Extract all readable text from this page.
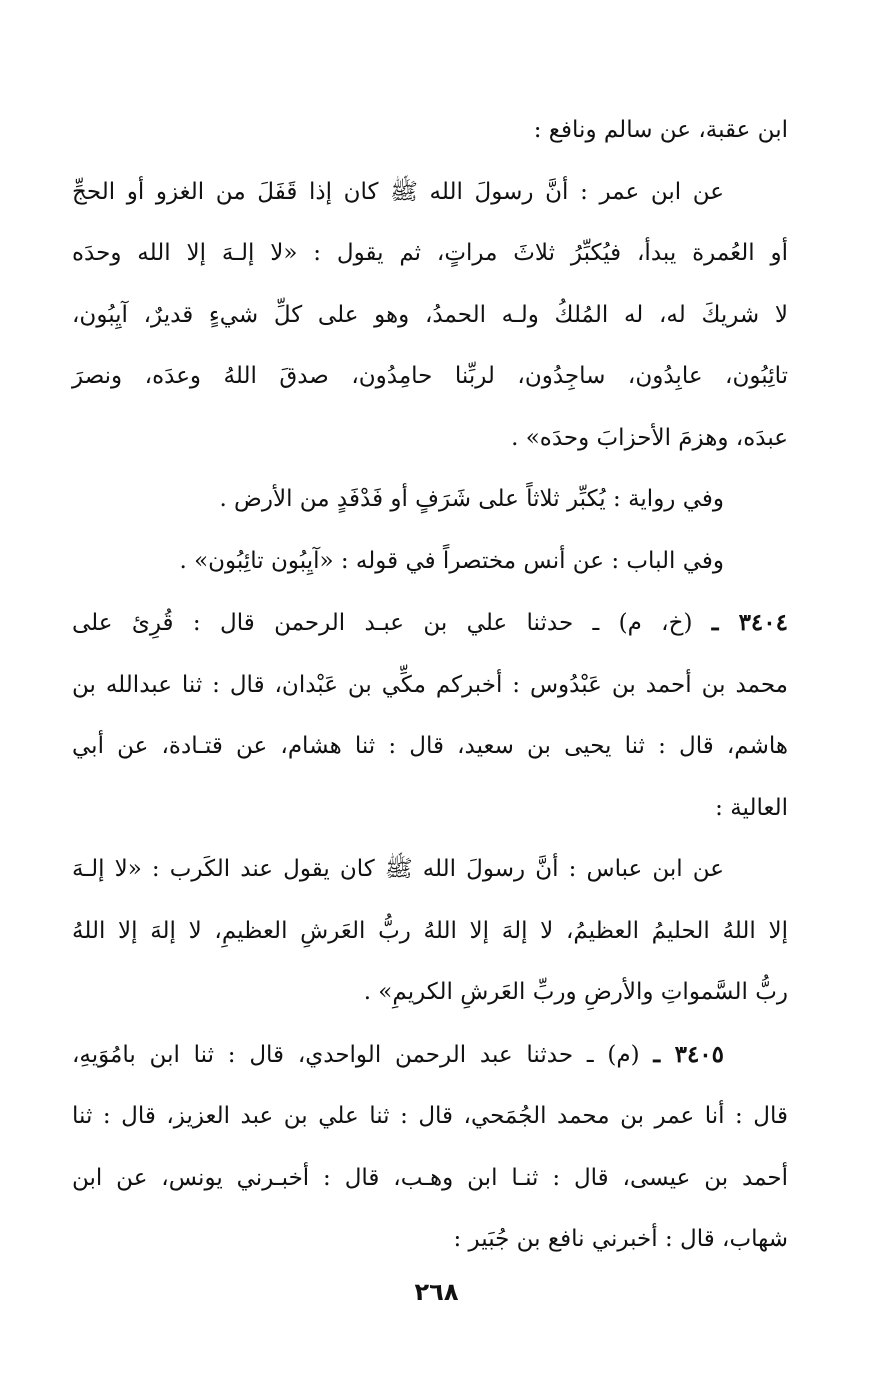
ابن عقبة، عن سالم ونافع :

عن ابن عمر : أنَّ رسولَ الله ﷺ كان إذا قَفَلَ من الغزو أو الحجِّ
أو العُمرة يبدأ، فيُكبِّرُ ثلاثَ مراتٍ، ثم يقول : «لا إلـهَ إلا الله وحدَه
لا شريكَ له، له المُلكُ ولـه الحمدُ، وهو على كلِّ شيءٍ قديرٌ، آيِبُون،
تائِبُون، عابِدُون، ساجِدُون، لربِّنا حامِدُون، صدقَ اللهُ وعدَه، ونصرَ
عبدَه، وهزمَ الأحزابَ وحدَه» .

وفي رواية : يُكبِّر ثلاثاً على شَرَفٍ أو فَدْفَدٍ من الأرض .

وفي الباب : عن أنس مختصراً في قوله : «آيِبُون تائِبُون» .

٣٤٠٤ ـ (خ، م) ـ حدثنا علي بن عبـد الرحمن قال : قُرِئ على
محمد بن أحمد بن عَبْدُوس : أخبركم مكِّي بن عَبْدان، قال : ثنا عبدالله بن
هاشم، قال : ثنا يحيى بن سعيد، قال : ثنا هشام، عن قتـادة، عن أبي
العالية :

عن ابن عباس : أنَّ رسولَ الله ﷺ كان يقول عند الكَرب : «لا إلـهَ
إلا اللهُ الحليمُ العظيمُ، لا إلهَ إلا اللهُ ربُّ العَرشِ العظيمِ، لا إلهَ إلا اللهُ
ربُّ السَّمواتِ والأرضِ وربِّ العَرشِ الكريمِ» .

٣٤٠٥ ـ (م) ـ حدثنا عبد الرحمن الواحدي، قال : ثنا ابن بامُوَيهِ،
قال : أنا عمر بن محمد الجُمَحي، قال : ثنا علي بن عبد العزيز، قال : ثنا
أحمد بن عيسى، قال : ثنـا ابن وهـب، قال : أخبـرني يونس، عن ابن
شهاب، قال : أخبرني نافع بن جُبَير :

٢٦٨
